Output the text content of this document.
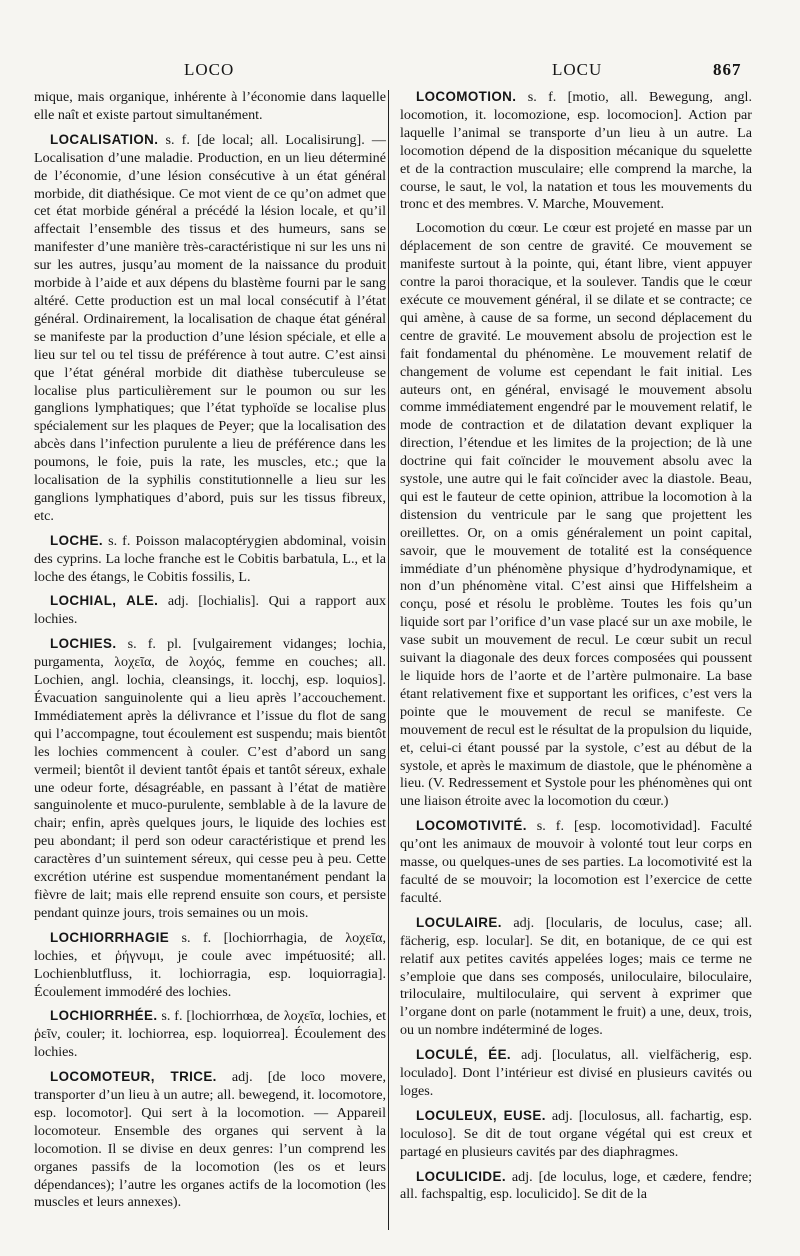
LOCO	LOCU	867

mique, mais organique, inhérente à l’économie dans laquelle elle naît et existe partout simultanément.

LOCALISATION. s. f. [de local; all. Localisirung]. — Localisation d’une maladie. Production, en un lieu déterminé de l’économie, d’une lésion consécutive à un état général morbide, dit diathésique. Ce mot vient de ce qu’on admet que cet état morbide général a précédé la lésion locale, et qu’il affectait l’ensemble des tissus et des humeurs, sans se manifester d’une manière très-caractéristique ni sur les uns ni sur les autres, jusqu’au moment de la naissance du produit morbide à l’aide et aux dépens du blastème fourni par le sang altéré. Cette production est un mal local consécutif à l’état général. Ordinairement, la localisation de chaque état général se manifeste par la production d’une lésion spéciale, et elle a lieu sur tel ou tel tissu de préférence à tout autre. C’est ainsi que l’état général morbide dit diathèse tuberculeuse se localise plus particulièrement sur le poumon ou sur les ganglions lymphatiques; que l’état typhoïde se localise plus spécialement sur les plaques de Peyer; que la localisation des abcès dans l’infection purulente a lieu de préférence dans les poumons, le foie, puis la rate, les muscles, etc.; que la localisation de la syphilis constitutionnelle a lieu sur les ganglions lymphatiques d’abord, puis sur les tissus fibreux, etc.

LOCHE. s. f. Poisson malacoptérygien abdominal, voisin des cyprins. La loche franche est le Cobitis barbatula, L., et la loche des étangs, le Cobitis fossilis, L.

LOCHIAL, ALE. adj. [lochialis]. Qui a rapport aux lochies.

LOCHIES. s. f. pl. [vulgairement vidanges; lochia, purgamenta, λοχεῖα, de λοχός, femme en couches; all. Lochien, angl. lochia, cleansings, it. locchj, esp. loquios]. Évacuation sanguinolente qui a lieu après l’accouchement. Immédiatement après la délivrance et l’issue du flot de sang qui l’accompagne, tout écoulement est suspendu; mais bientôt les lochies commencent à couler. C’est d’abord un sang vermeil; bientôt il devient tantôt épais et tantôt séreux, exhale une odeur forte, désagréable, en passant à l’état de matière sanguinolente et muco-purulente, semblable à de la lavure de chair; enfin, après quelques jours, le liquide des lochies est peu abondant; il perd son odeur caractéristique et prend les caractères d’un suintement séreux, qui cesse peu à peu. Cette excrétion utérine est suspendue momentanément pendant la fièvre de lait; mais elle reprend ensuite son cours, et persiste pendant quinze jours, trois semaines ou un mois.

LOCHIORRHAGIE s. f. [lochiorrhagia, de λοχεῖα, lochies, et ῥήγνυμι, je coule avec impétuosité; all. Lochienblutfluss, it. lochiorragia, esp. loquiorragia]. Écoulement immodéré des lochies.

LOCHIORRHÉE. s. f. [lochiorrhœa, de λοχεῖα, lochies, et ῥεῖν, couler; it. lochiorrea, esp. loquiorrea]. Écoulement des lochies.

LOCOMOTEUR, TRICE. adj. [de loco movere, transporter d’un lieu à un autre; all. bewegend, it. locomotore, esp. locomotor]. Qui sert à la locomotion. — Appareil locomoteur. Ensemble des organes qui servent à la locomotion. Il se divise en deux genres: l’un comprend les organes passifs de la locomotion (les os et leurs dépendances); l’autre les organes actifs de la locomotion (les muscles et leurs annexes).

LOCOMOTION. s. f. [motio, all. Bewegung, angl. locomotion, it. locomozione, esp. locomocion]. Action par laquelle l’animal se transporte d’un lieu à un autre. La locomotion dépend de la disposition mécanique du squelette et de la contraction musculaire; elle comprend la marche, la course, le saut, le vol, la natation et tous les mouvements du tronc et des membres. V. Marche, Mouvement.

Locomotion du cœur. Le cœur est projeté en masse par un déplacement de son centre de gravité. Ce mouvement se manifeste surtout à la pointe, qui, étant libre, vient appuyer contre la paroi thoracique, et la soulever. Tandis que le cœur exécute ce mouvement général, il se dilate et se contracte; ce qui amène, à cause de sa forme, un second déplacement du centre de gravité. Le mouvement absolu de projection est le fait fondamental du phénomène. Le mouvement relatif de changement de volume est cependant le fait initial. Les auteurs ont, en général, envisagé le mouvement absolu comme immédiatement engendré par le mouvement relatif, le mode de contraction et de dilatation devant expliquer la direction, l’étendue et les limites de la projection; de là une doctrine qui fait coïncider le mouvement absolu avec la systole, une autre qui le fait coïncider avec la diastole. Beau, qui est le fauteur de cette opinion, attribue la locomotion à la distension du ventricule par le sang que projettent les oreillettes. Or, on a omis généralement un point capital, savoir, que le mouvement de totalité est la conséquence immédiate d’un phénomène physique d’hydrodynamique, et non d’un phénomène vital. C’est ainsi que Hiffelsheim a conçu, posé et résolu le problème. Toutes les fois qu’un liquide sort par l’orifice d’un vase placé sur un axe mobile, le vase subit un mouvement de recul. Le cœur subit un recul suivant la diagonale des deux forces composées qui poussent le liquide hors de l’aorte et de l’artère pulmonaire. La base étant relativement fixe et supportant les orifices, c’est vers la pointe que le mouvement de recul se manifeste. Ce mouvement de recul est le résultat de la propulsion du liquide, et, celui-ci étant poussé par la systole, c’est au début de la systole, et après le maximum de diastole, que le phénomène a lieu. (V. Redressement et Systole pour les phénomènes qui ont une liaison étroite avec la locomotion du cœur.)

LOCOMOTIVITÉ. s. f. [esp. locomotividad]. Faculté qu’ont les animaux de mouvoir à volonté tout leur corps en masse, ou quelques-unes de ses parties. La locomotivité est la faculté de se mouvoir; la locomotion est l’exercice de cette faculté.

LOCULAIRE. adj. [locularis, de loculus, case; all. fächerig, esp. locular]. Se dit, en botanique, de ce qui est relatif aux petites cavités appelées loges; mais ce terme ne s’emploie que dans ses composés, uniloculaire, biloculaire, triloculaire, multiloculaire, qui servent à exprimer que l’organe dont on parle (notamment le fruit) a une, deux, trois, ou un nombre indéterminé de loges.

LOCULÉ, ÉE. adj. [loculatus, all. vielfächerig, esp. loculado]. Dont l’intérieur est divisé en plusieurs cavités ou loges.

LOCULEUX, EUSE. adj. [loculosus, all. fachartig, esp. loculoso]. Se dit de tout organe végétal qui est creux et partagé en plusieurs cavités par des diaphragmes.

LOCULICIDE. adj. [de loculus, loge, et cædere, fendre; all. fachspaltig, esp. loculicido]. Se dit de la
